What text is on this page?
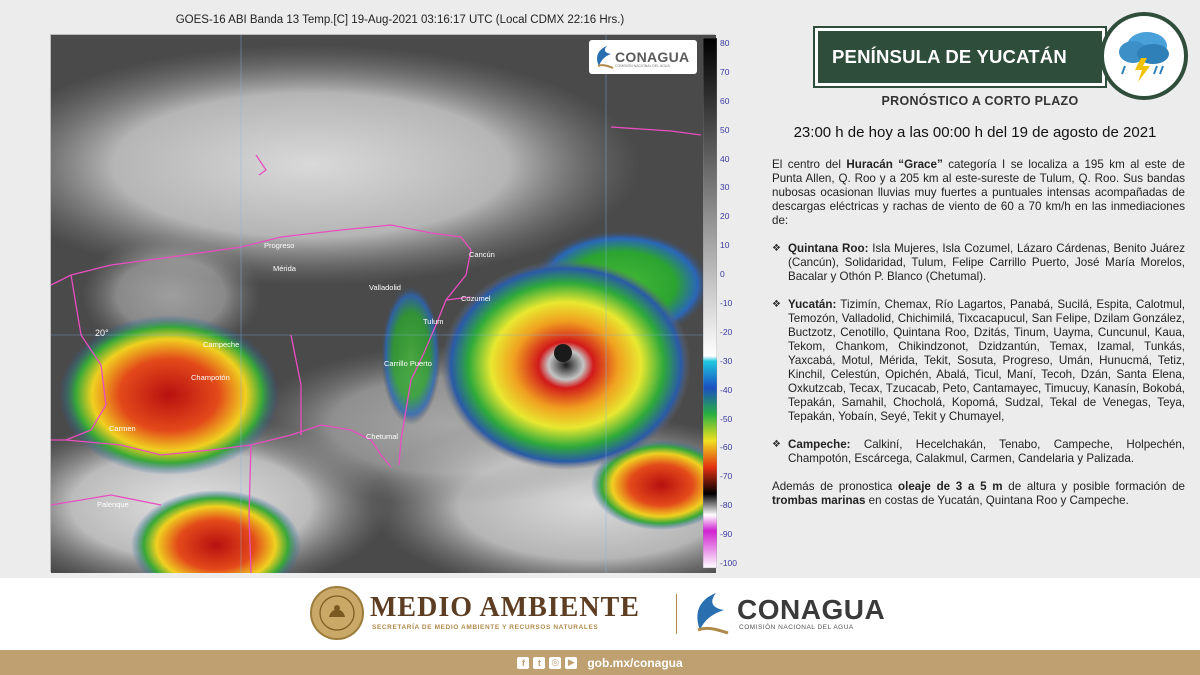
GOES-16 ABI Banda 13 Temp.[C] 19-Aug-2021 03:16:17 UTC (Local CDMX 22:16 Hrs.)
20°
Progreso
Mérida
Cancún
Valladolid
Cozumel
Tulum
Campeche
Champotón
Carrillo Puerto
Carmen
Chetumal
Palenque
CONAGUA
COMISIÓN NACIONAL DEL AGUA
80
70
60
50
40
30
20
10
0
-10
-20
-30
-40
-50
-60
-70
-80
-90
-100
PENÍNSULA DE YUCATÁN
PRONÓSTICO A CORTO PLAZO
23:00 h de hoy a las 00:00 h del 19 de agosto de 2021

El centro del Huracán “Grace” categoría I se localiza a 195 km al este de Punta Allen, Q. Roo y a 205 km al este-sureste de Tulum, Q. Roo. Sus bandas nubosas ocasionan lluvias muy fuertes a puntuales intensas acompañadas de descargas eléctricas y rachas de viento de 60 a 70 km/h en las inmediaciones de:

❖ Quintana Roo: Isla Mujeres, Isla Cozumel, Lázaro Cárdenas, Benito Juárez (Cancún), Solidaridad, Tulum, Felipe Carrillo Puerto, José María Morelos, Bacalar y Othón P. Blanco (Chetumal).
❖ Yucatán: Tizimín, Chemax, Río Lagartos, Panabá, Sucilá, Espita, Calotmul, Temozón, Valladolid, Chichimilá, Tixcacapucul, San Felipe, Dzilam González, Buctzotz, Cenotillo, Quintana Roo, Dzitás, Tinum, Uayma, Cuncunul, Kaua, Tekom, Chankom, Chikindzonot, Dzidzantún, Temax, Izamal, Tunkás, Yaxcabá, Motul, Mérida, Tekit, Sosuta, Progreso, Umán, Hunucmá, Tetiz, Kinchil, Celestún, Opichén, Abalá, Ticul, Maní, Tecoh, Dzán, Santa Elena, Oxkutzcab, Tecax, Tzucacab, Peto, Cantamayec, Timucuy, Kanasín, Bokobá, Tepakán, Samahil, Chocholá, Kopomá, Sudzal, Tekal de Venegas, Teya, Tepakán, Yobaín, Seyé, Tekit y Chumayel,
❖ Campeche: Calkiní, Hecelchakán, Tenabo, Campeche, Holpechén, Champotón, Escárcega, Calakmul, Carmen, Candelaria y Palizada.

Además de pronostica oleaje de 3 a 5 m de altura y posible formación de trombas marinas en costas de Yucatán, Quintana Roo y Campeche.

MEDIO AMBIENTE
SECRETARÍA DE MEDIO AMBIENTE Y RECURSOS NATURALES
CONAGUA
COMISIÓN NACIONAL DEL AGUA
f	t	◎ ▶ gob.mx/conagua
